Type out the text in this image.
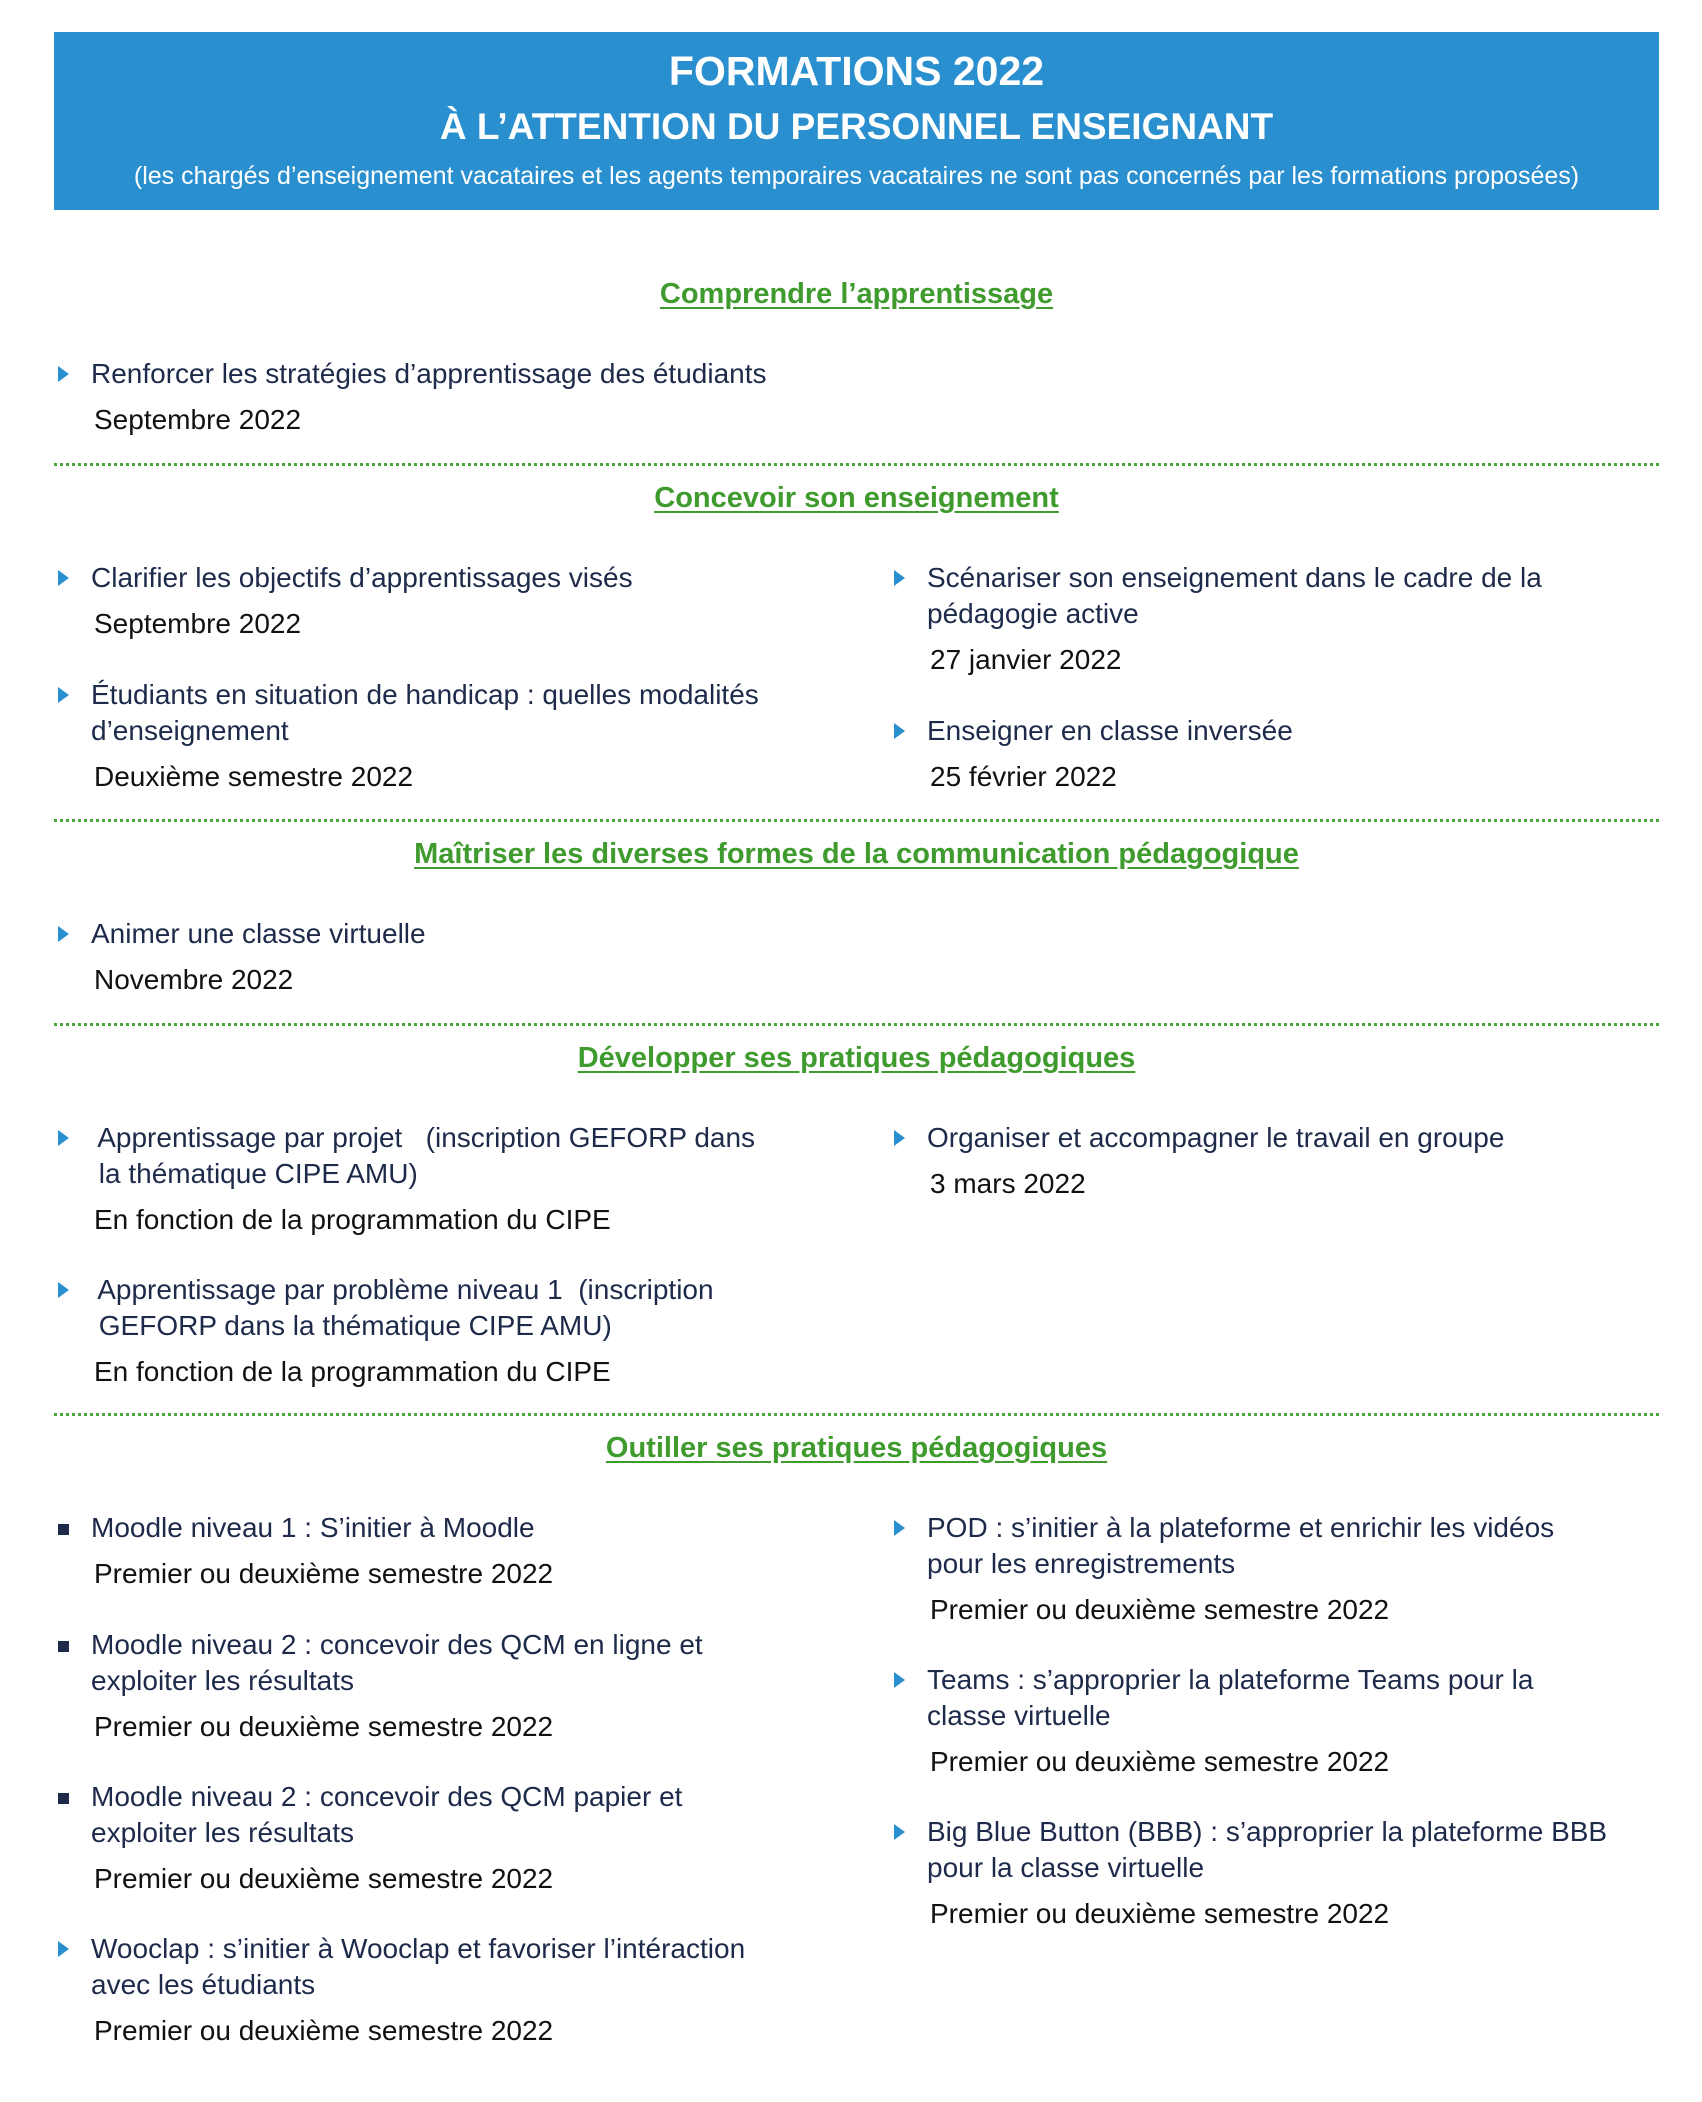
FORMATIONS 2022
À L’ATTENTION DU PERSONNEL ENSEIGNANT
(les chargés d’enseignement vacataires et les agents temporaires vacataires ne sont pas concernés par les formations proposées)
Comprendre l’apprentissage
Renforcer les stratégies d’apprentissage des étudiants
Septembre 2022
Concevoir son enseignement
Clarifier les objectifs d’apprentissages visés
Septembre 2022
Étudiants en situation de handicap : quelles modalités
d’enseignement
Deuxième semestre 2022
Scénariser son enseignement dans le cadre de la
pédagogie active
27 janvier 2022
Enseigner en classe inversée
25 février 2022
Maîtriser les diverses formes de la communication pédagogique
Animer une classe virtuelle
Novembre 2022
Développer ses pratiques pédagogiques
Apprentissage par projet   (inscription GEFORP dans
la thématique CIPE AMU)
En fonction de la programmation du CIPE
Apprentissage par problème niveau 1  (inscription
GEFORP dans la thématique CIPE AMU)
En fonction de la programmation du CIPE
Organiser et accompagner le travail en groupe
3 mars 2022
Outiller ses pratiques pédagogiques
Moodle niveau 1 : S’initier à Moodle
Premier ou deuxième semestre 2022
Moodle niveau 2 : concevoir des QCM en ligne et
exploiter les résultats
Premier ou deuxième semestre 2022
Moodle niveau 2 : concevoir des QCM papier et
exploiter les résultats
Premier ou deuxième semestre 2022
Wooclap : s’initier à Wooclap et favoriser l’intéraction
avec les étudiants
Premier ou deuxième semestre 2022
POD : s’initier à la plateforme et enrichir les vidéos
pour les enregistrements
Premier ou deuxième semestre 2022
Teams : s’approprier la plateforme Teams pour la
classe virtuelle
Premier ou deuxième semestre 2022
Big Blue Button (BBB) : s’approprier la plateforme BBB
pour la classe virtuelle
Premier ou deuxième semestre 2022
